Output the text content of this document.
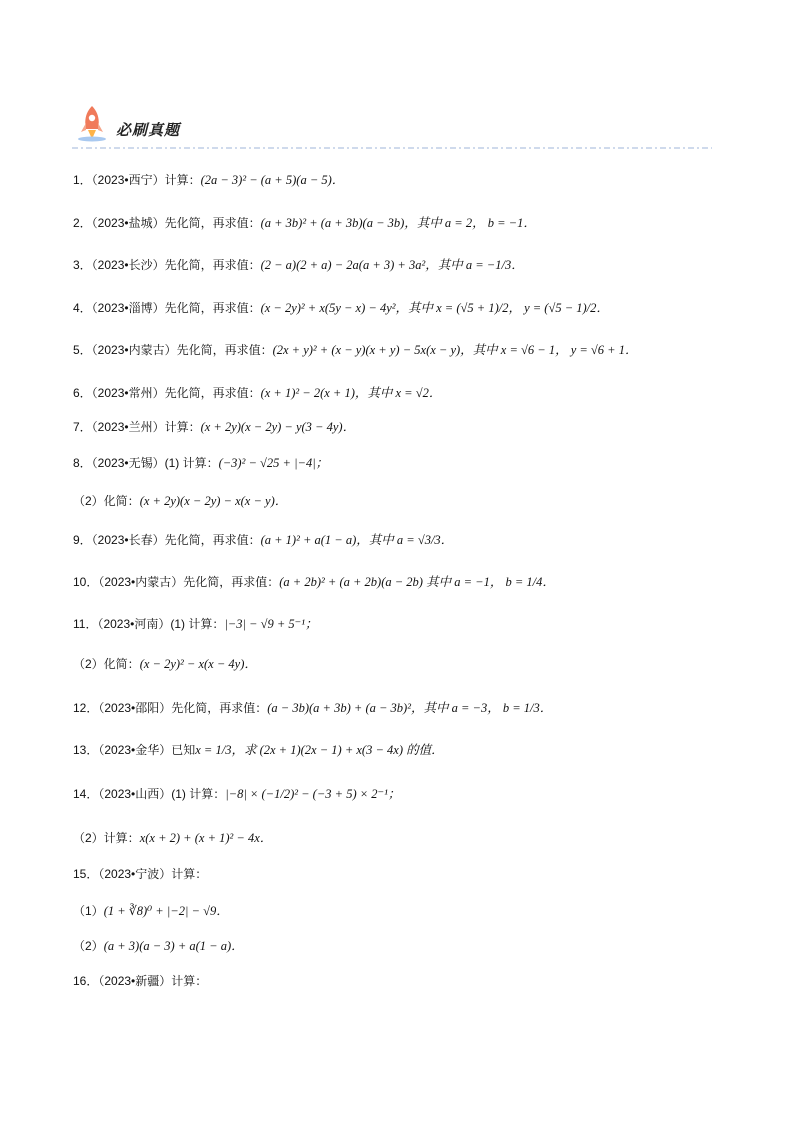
必刷真题
1．（2023•西宁）计算：(2a − 3)² − (a + 5)(a − 5)．
2．（2023•盐城）先化简，再求值：(a + 3b)² + (a + 3b)(a − 3b)，其中 a = 2， b = −1．
3．（2023•长沙）先化简，再求值：(2 − a)(2 + a) − 2a(a + 3) + 3a²，其中 a = −1/3．
4．（2023•淄博）先化简，再求值：(x − 2y)² + x(5y − x) − 4y²，其中 x = (√5 + 1)/2， y = (√5 − 1)/2．
5．（2023•内蒙古）先化简，再求值：(2x + y)² + (x − y)(x + y) − 5x(x − y)，其中 x = √6 − 1， y = √6 + 1．
6．（2023•常州）先化简，再求值：(x + 1)² − 2(x + 1)，其中 x = √2．
7．（2023•兰州）计算：(x + 2y)(x − 2y) − y(3 − 4y)．
8．（2023•无锡）(1) 计算：(−3)² − √25 + |−4|；
（2）化简：(x + 2y)(x − 2y) − x(x − y)．
9．（2023•长春）先化简，再求值：(a + 1)² + a(1 − a)，其中 a = √3/3．
10．（2023•内蒙古）先化简，再求值：(a + 2b)² + (a + 2b)(a − 2b) 其中 a = −1， b = 1/4．
11．（2023•河南）(1) 计算：|−3| − √9 + 5⁻¹；
（2）化简：(x − 2y)² − x(x − 4y)．
12．（2023•邵阳）先化简，再求值：(a − 3b)(a + 3b) + (a − 3b)²，其中 a = −3， b = 1/3．
13．（2023•金华）已知x = 1/3，求 (2x + 1)(2x − 1) + x(3 − 4x) 的值．
14．（2023•山西）(1) 计算：|−8| × (−1/2)² − (−3 + 5) × 2⁻¹；
（2）计算：x(x + 2) + (x + 1)² − 4x．
15．（2023•宁波）计算：
（1）(1 + ∛8)⁰ + |−2| − √9．
（2）(a + 3)(a − 3) + a(1 − a)．
16．（2023•新疆）计算：
